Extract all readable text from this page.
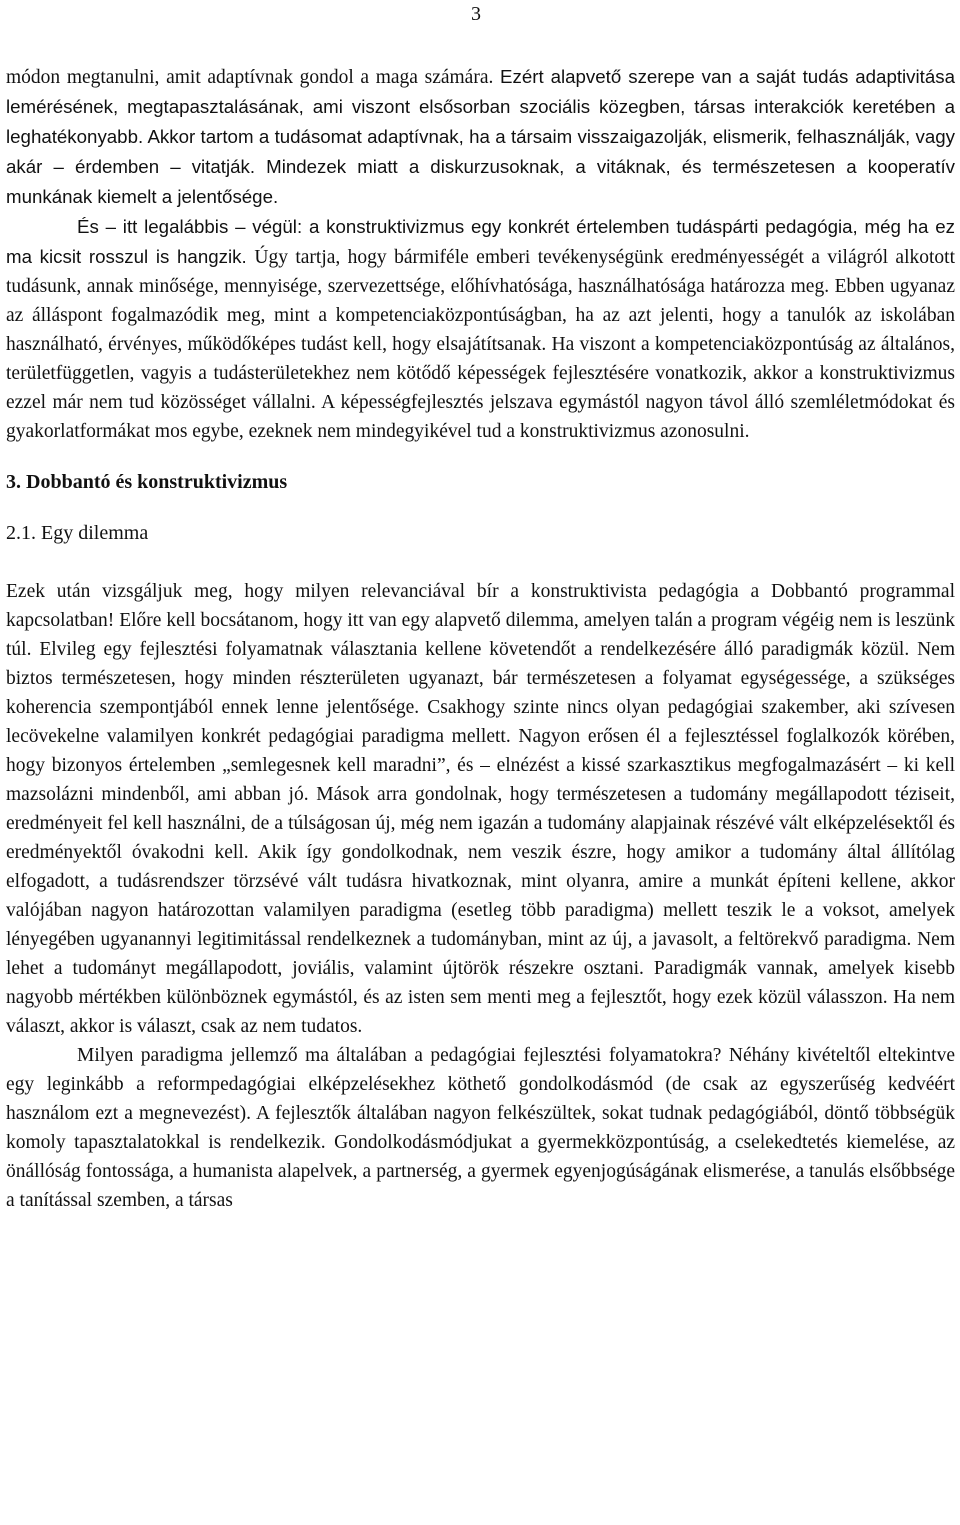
3

módon megtanulni, amit adaptívnak gondol a maga számára. Ezért alapvető szerepe van a saját tudás adaptivitása lemérésének, megtapasztalásának, ami viszont elsősorban szociális közegben, társas interakciók keretében a leghatékonyabb. Akkor tartom a tudásomat adaptívnak, ha a társaim visszaigazolják, elismerik, felhasználják, vagy akár – érdemben – vitatják. Mindezek miatt a diskurzusoknak, a vitáknak, és természetesen a kooperatív munkának kiemelt a jelentősége.

És – itt legalábbis – végül: a konstruktivizmus egy konkrét értelemben tudáspárti pedagógia, még ha ez ma kicsit rosszul is hangzik. Úgy tartja, hogy bármiféle emberi tevékenységünk eredményességét a világról alkotott tudásunk, annak minősége, mennyisége, szervezettsége, előhívhatósága, használhatósága határozza meg. Ebben ugyanaz az álláspont fogalmazódik meg, mint a kompetenciaközpontúságban, ha az azt jelenti, hogy a tanulók az iskolában használható, érvényes, működőképes tudást kell, hogy elsajátítsanak. Ha viszont a kompetenciaközpontúság az általános, területfüggetlen, vagyis a tudásterületekhez nem kötődő képességek fejlesztésére vonatkozik, akkor a konstruktivizmus ezzel már nem tud közösséget vállalni. A képességfejlesztés jelszava egymástól nagyon távol álló szemléletmódokat és gyakorlatformákat mos egybe, ezeknek nem mindegyikével tud a konstruktivizmus azonosulni.

3. Dobbantó és konstruktivizmus
2.1. Egy dilemma

Ezek után vizsgáljuk meg, hogy milyen relevanciával bír a konstruktivista pedagógia a Dobbantó programmal kapcsolatban! Előre kell bocsátanom, hogy itt van egy alapvető dilemma, amelyen talán a program végéig nem is leszünk túl. Elvileg egy fejlesztési folyamatnak választania kellene követendőt a rendelkezésére álló paradigmák közül. Nem biztos természetesen, hogy minden részterületen ugyanazt, bár természetesen a folyamat egységessége, a szükséges koherencia szempontjából ennek lenne jelentősége. Csakhogy szinte nincs olyan pedagógiai szakember, aki szívesen lecövekelne valamilyen konkrét pedagógiai paradigma mellett. Nagyon erősen él a fejlesztéssel foglalkozók körében, hogy bizonyos értelemben „semlegesnek kell maradni”, és – elnézést a kissé szarkasztikus megfogalmazásért – ki kell mazsolázni mindenből, ami abban jó. Mások arra gondolnak, hogy természetesen a tudomány megállapodott téziseit, eredményeit fel kell használni, de a túlságosan új, még nem igazán a tudomány alapjainak részévé vált elképzelésektől és eredményektől óvakodni kell. Akik így gondolkodnak, nem veszik észre, hogy amikor a tudomány által állítólag elfogadott, a tudásrendszer törzsévé vált tudásra hivatkoznak, mint olyanra, amire a munkát építeni kellene, akkor valójában nagyon határozottan valamilyen paradigma (esetleg több paradigma) mellett teszik le a voksot, amelyek lényegében ugyanannyi legitimitással rendelkeznek a tudományban, mint az új, a javasolt, a feltörekvő paradigma. Nem lehet a tudományt megállapodott, joviális, valamint újtörök részekre osztani. Paradigmák vannak, amelyek kisebb nagyobb mértékben különböznek egymástól, és az isten sem menti meg a fejlesztőt, hogy ezek közül válasszon. Ha nem választ, akkor is választ, csak az nem tudatos.

Milyen paradigma jellemző ma általában a pedagógiai fejlesztési folyamatokra? Néhány kivételtől eltekintve egy leginkább a reformpedagógiai elképzelésekhez köthető gondolkodásmód (de csak az egyszerűség kedvéért használom ezt a megnevezést). A fejlesztők általában nagyon felkészültek, sokat tudnak pedagógiából, döntő többségük komoly tapasztalatokkal is rendelkezik. Gondolkodásmódjukat a gyermekközpontúság, a cselekedtetés kiemelése, az önállóság fontossága, a humanista alapelvek, a partnerség, a gyermek egyenjogúságának elismerése, a tanulás elsőbbsége a tanítással szemben, a társas
